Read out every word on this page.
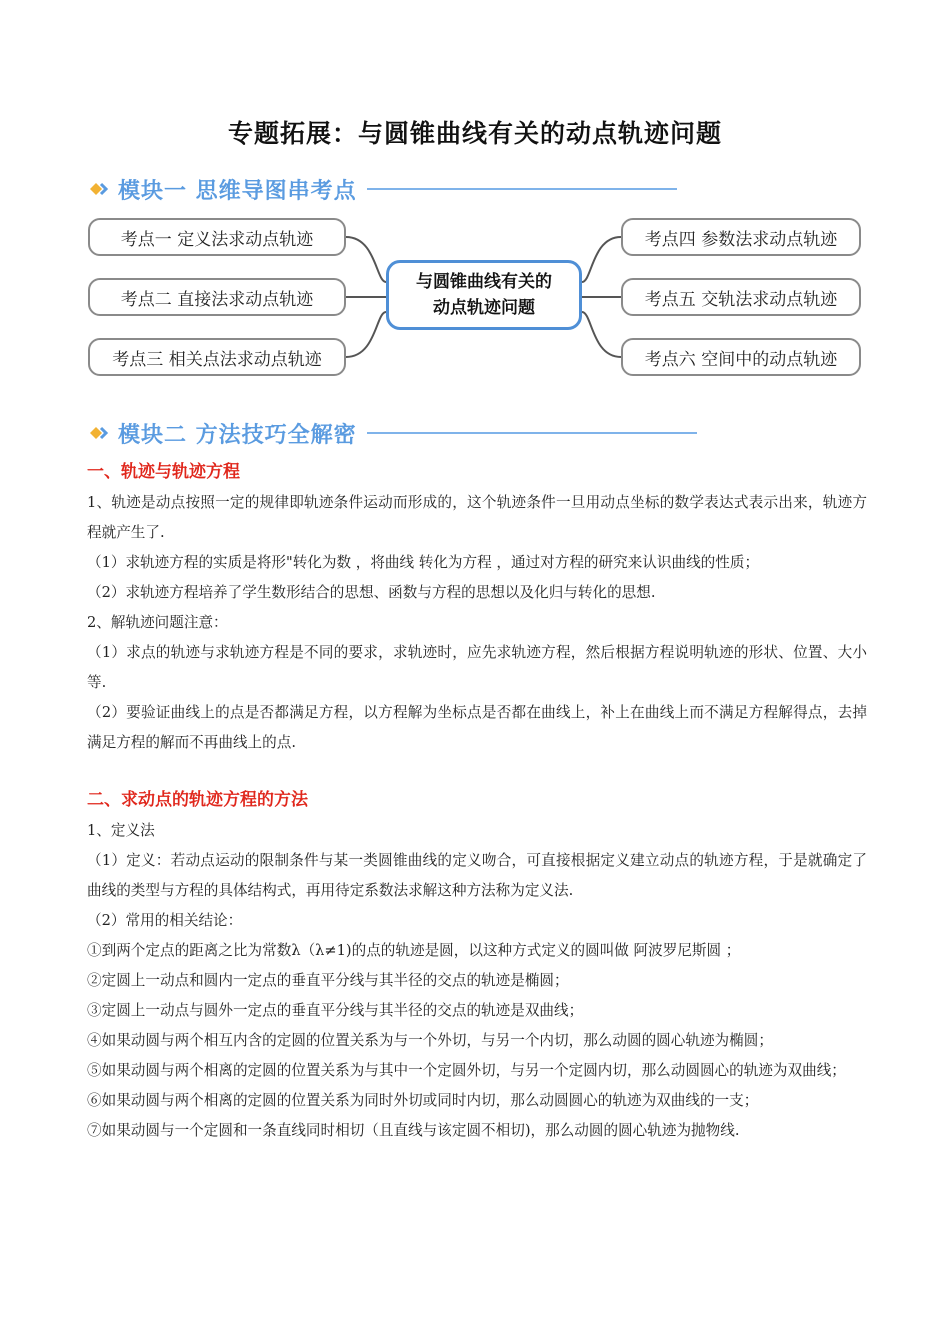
专题拓展：与圆锥曲线有关的动点轨迹问题
模块一 思维导图串考点
考点一 定义法求动点轨迹
考点二 直接法求动点轨迹
考点三 相关点法求动点轨迹
与圆锥曲线有关的
动点轨迹问题
考点四 参数法求动点轨迹
考点五 交轨法求动点轨迹
考点六 空间中的动点轨迹
模块二 方法技巧全解密
一、轨迹与轨迹方程
1、轨迹是动点按照一定的规律即轨迹条件运动而形成的，这个轨迹条件一旦用动点坐标的数学表达式表示出来，轨迹方程就产生了.
（1）求轨迹方程的实质是将形"转化为数 ，将曲线 转化为方程 ，通过对方程的研究来认识曲线的性质；
（2）求轨迹方程培养了学生数形结合的思想、函数与方程的思想以及化归与转化的思想.
2、解轨迹问题注意：
（1）求点的轨迹与求轨迹方程是不同的要求，求轨迹时，应先求轨迹方程，然后根据方程说明轨迹的形状、位置、大小等.
（2）要验证曲线上的点是否都满足方程，以方程解为坐标点是否都在曲线上，补上在曲线上而不满足方程解得点，去掉满足方程的解而不再曲线上的点.
二、求动点的轨迹方程的方法
1、定义法
（1）定义：若动点运动的限制条件与某一类圆锥曲线的定义吻合，可直接根据定义建立动点的轨迹方程，于是就确定了曲线的类型与方程的具体结构式，再用待定系数法求解这种方法称为定义法.
（2）常用的相关结论：
①到两个定点的距离之比为常数λ（λ≠1)的点的轨迹是圆，以这种方式定义的圆叫做 阿波罗尼斯圆 ；
②定圆上一动点和圆内一定点的垂直平分线与其半径的交点的轨迹是椭圆；
③定圆上一动点与圆外一定点的垂直平分线与其半径的交点的轨迹是双曲线；
④如果动圆与两个相互内含的定圆的位置关系为与一个外切，与另一个内切，那么动圆的圆心轨迹为椭圆；
⑤如果动圆与两个相离的定圆的位置关系为与其中一个定圆外切，与另一个定圆内切，那么动圆圆心的轨迹为双曲线；
⑥如果动圆与两个相离的定圆的位置关系为同时外切或同时内切，那么动圆圆心的轨迹为双曲线的一支；
⑦如果动圆与一个定圆和一条直线同时相切（且直线与该定圆不相切)，那么动圆的圆心轨迹为抛物线.
